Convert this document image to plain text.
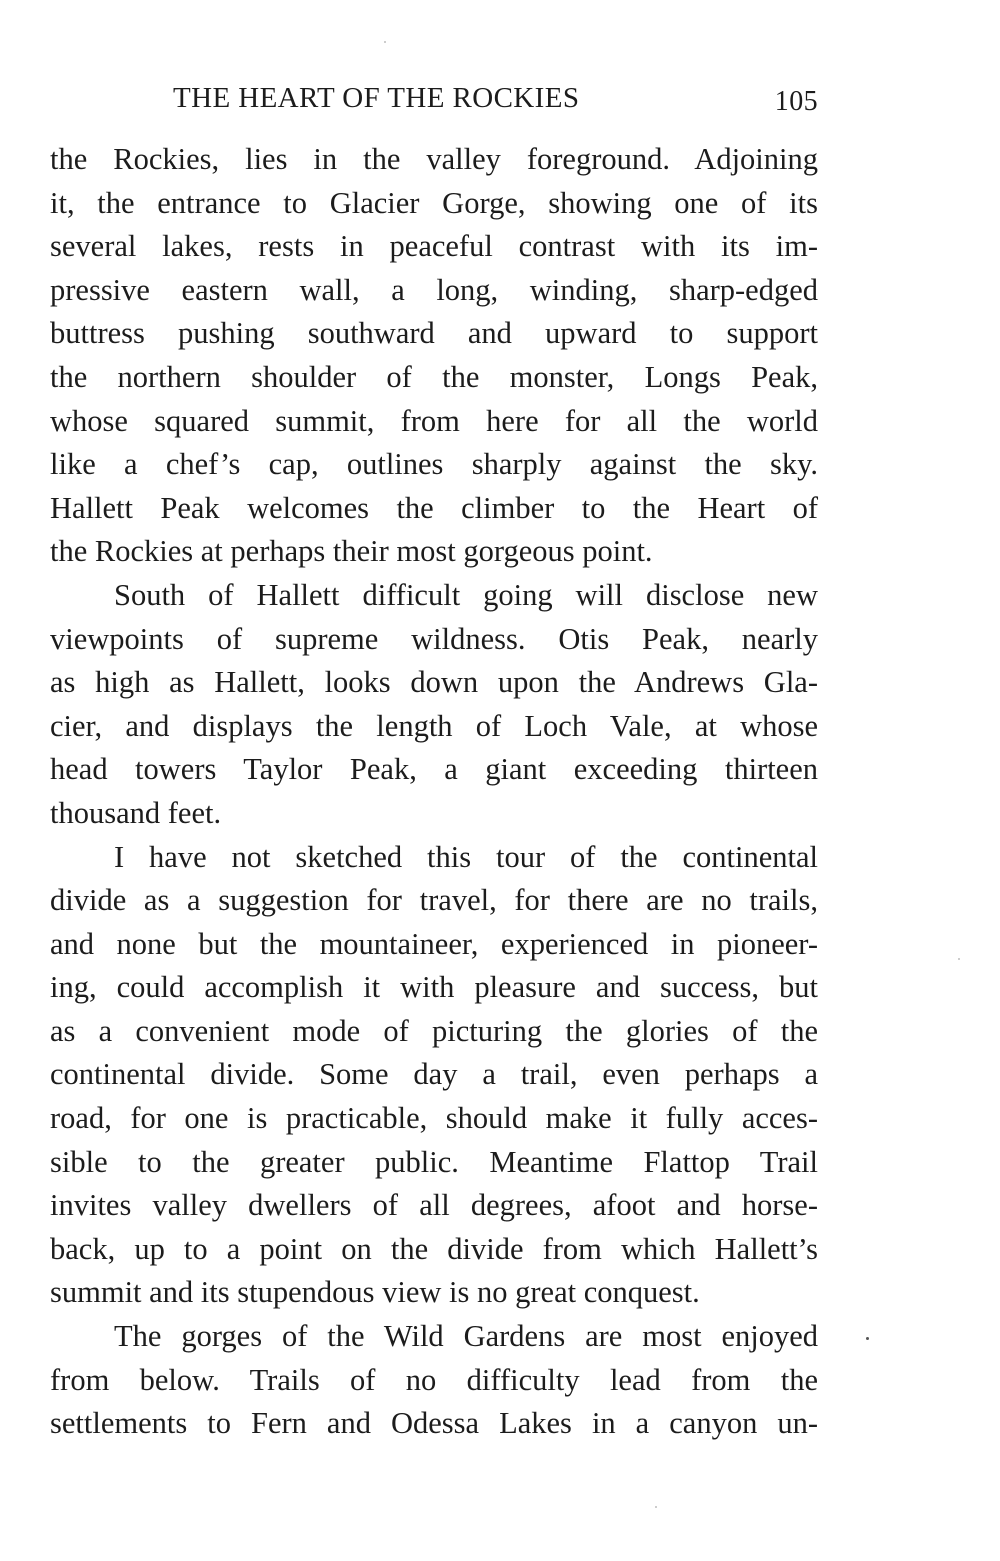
THE HEART OF THE ROCKIES	105
the Rockies, lies in the valley foreground. Adjoining
it, the entrance to Glacier Gorge, showing one of its
several lakes, rests in peaceful contrast with its im-
pressive eastern wall, a long, winding, sharp-edged
buttress pushing southward and upward to support
the northern shoulder of the monster, Longs Peak,
whose squared summit, from here for all the world
like a chef’s cap, outlines sharply against the sky.
Hallett Peak welcomes the climber to the Heart of
the Rockies at perhaps their most gorgeous point.
South of Hallett difficult going will disclose new
viewpoints of supreme wildness. Otis Peak, nearly
as high as Hallett, looks down upon the Andrews Gla-
cier, and displays the length of Loch Vale, at whose
head towers Taylor Peak, a giant exceeding thirteen
thousand feet.
I have not sketched this tour of the continental
divide as a suggestion for travel, for there are no trails,
and none but the mountaineer, experienced in pioneer-
ing, could accomplish it with pleasure and success, but
as a convenient mode of picturing the glories of the
continental divide. Some day a trail, even perhaps a
road, for one is practicable, should make it fully acces-
sible to the greater public. Meantime Flattop Trail
invites valley dwellers of all degrees, afoot and horse-
back, up to a point on the divide from which Hallett’s
summit and its stupendous view is no great conquest.
The gorges of the Wild Gardens are most enjoyed
from below. Trails of no difficulty lead from the
settlements to Fern and Odessa Lakes in a canyon un-
